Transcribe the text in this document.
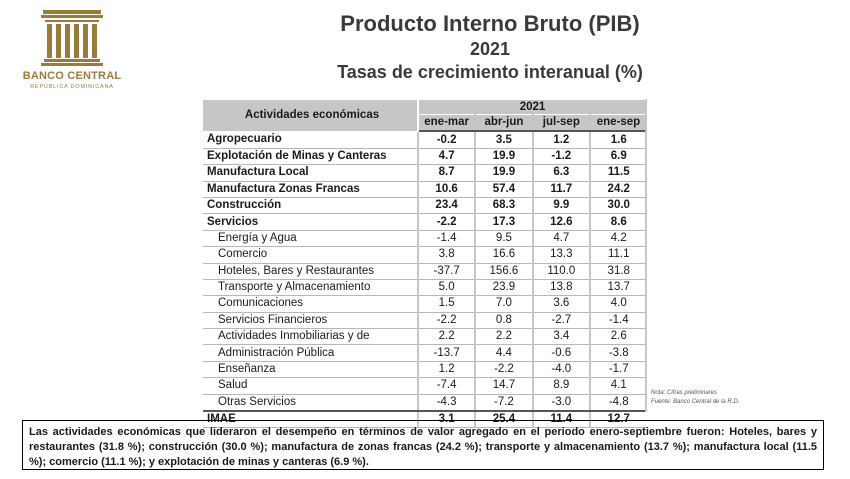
BANCO CENTRAL
REPÚBLICA DOMINICANA
Producto Interno Bruto (PIB)
2021
Tasas de crecimiento interanual (%)
Actividades económicas	2021			
	ene-mar	abr-jun	jul-sep	ene-sep
Agropecuario	-0.2	3.5	1.2	1.6
Explotación de Minas y Canteras	4.7	19.9	-1.2	6.9
Manufactura Local	8.7	19.9	6.3	11.5
Manufactura Zonas Francas	10.6	57.4	11.7	24.2
Construcción	23.4	68.3	9.9	30.0
Servicios	-2.2	17.3	12.6	8.6
Energía y Agua	-1.4	9.5	4.7	4.2
Comercio	3.8	16.6	13.3	11.1
Hoteles, Bares y Restaurantes	-37.7	156.6	110.0	31.8
Transporte y Almacenamiento	5.0	23.9	13.8	13.7
Comunicaciones	1.5	7.0	3.6	4.0
Servicios Financieros	-2.2	0.8	-2.7	-1.4
Actividades Inmobiliarias y de	2.2	2.2	3.4	2.6
Administración Pública	-13.7	4.4	-0.6	-3.8
Enseñanza	1.2	-2.2	-4.0	-1.7
Salud	-7.4	14.7	8.9	4.1
Otras Servicios	-4.3	-7.2	-3.0	-4.8
IMAE	3.1	25.4	11.4	12.7
Nota: Cifras preliminares
Fuente: Banco Central de la R.D.
Las actividades económicas que lideraron el desempeño en términos de valor agregado en el periodo enero-septiembre fueron: Hoteles, bares y restaurantes (31.8 %); construcción (30.0 %); manufactura de zonas francas (24.2 %); transporte y almacenamiento (13.7 %); manufactura local (11.5 %); comercio (11.1 %); y explotación de minas y canteras (6.9 %).
